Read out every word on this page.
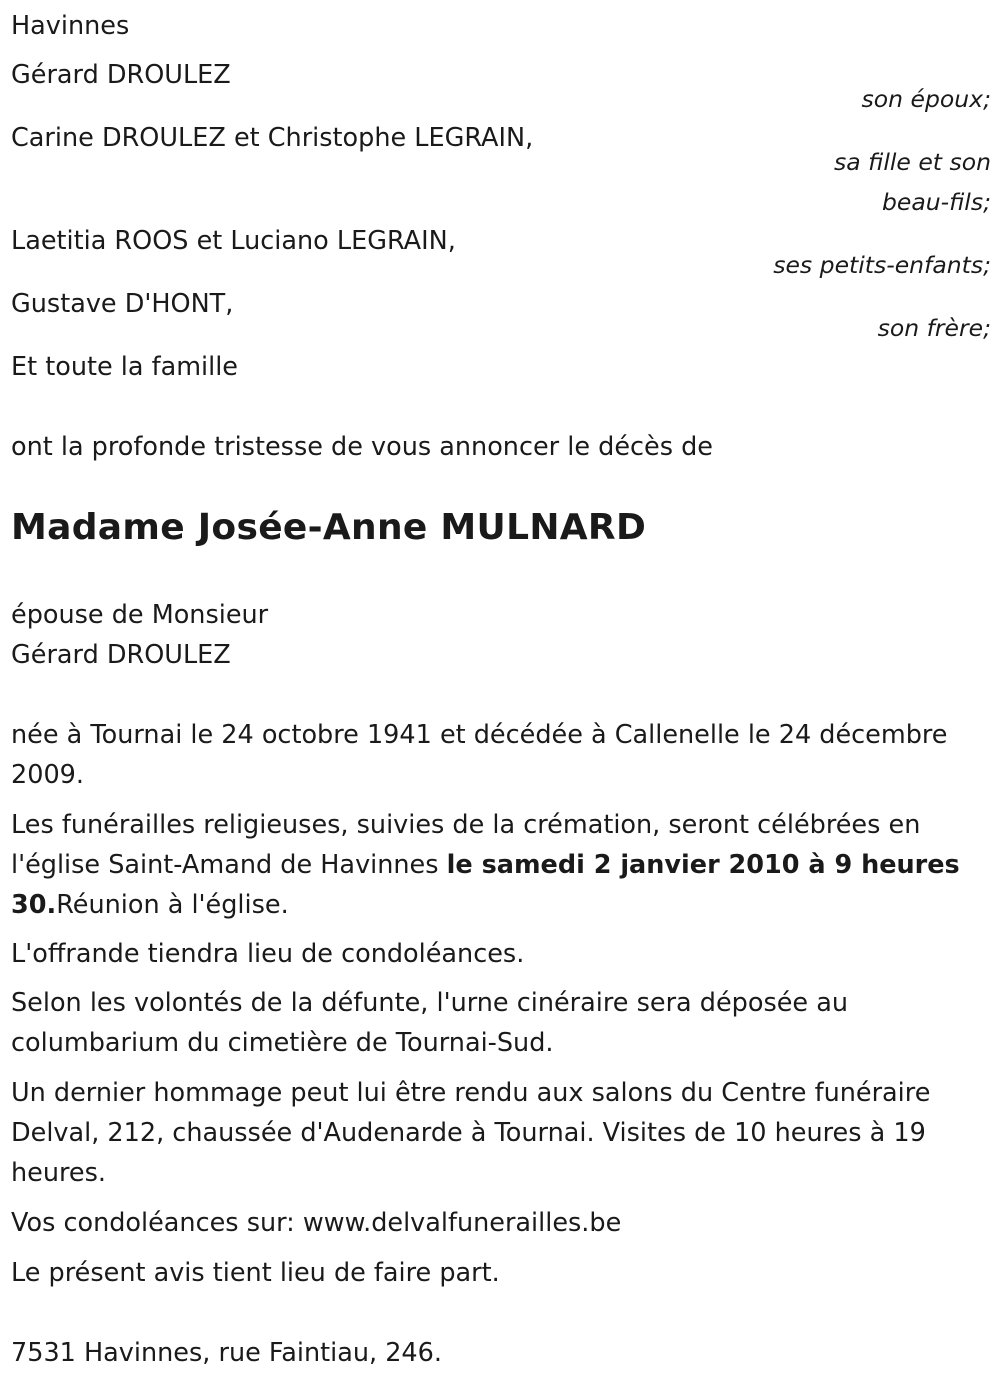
Havinnes
Gérard DROULEZ
son époux;
Carine DROULEZ et Christophe LEGRAIN,
sa fille et son
beau-fils;
Laetitia ROOS et Luciano LEGRAIN,
ses petits-enfants;
Gustave D'HONT,
son frère;
Et toute la famille
ont la profonde tristesse de vous annoncer le décès de
Madame Josée-Anne MULNARD
épouse de Monsieur
Gérard DROULEZ
née à Tournai le 24 octobre 1941 et décédée à Callenelle le 24 décembre 2009.
Les funérailles religieuses, suivies de la crémation, seront célébrées en l'église Saint-Amand de Havinnes le samedi 2 janvier 2010 à 9 heures 30.Réunion à l'église.
L'offrande tiendra lieu de condoléances.
Selon les volontés de la défunte, l'urne cinéraire sera déposée au columbarium du cimetière de Tournai-Sud.
Un dernier hommage peut lui être rendu aux salons du Centre funéraire Delval, 212, chaussée d'Audenarde à Tournai. Visites de 10 heures à 19 heures.
Vos condoléances sur: www.delvalfunerailles.be
Le présent avis tient lieu de faire part.
7531 Havinnes, rue Faintiau, 246.
